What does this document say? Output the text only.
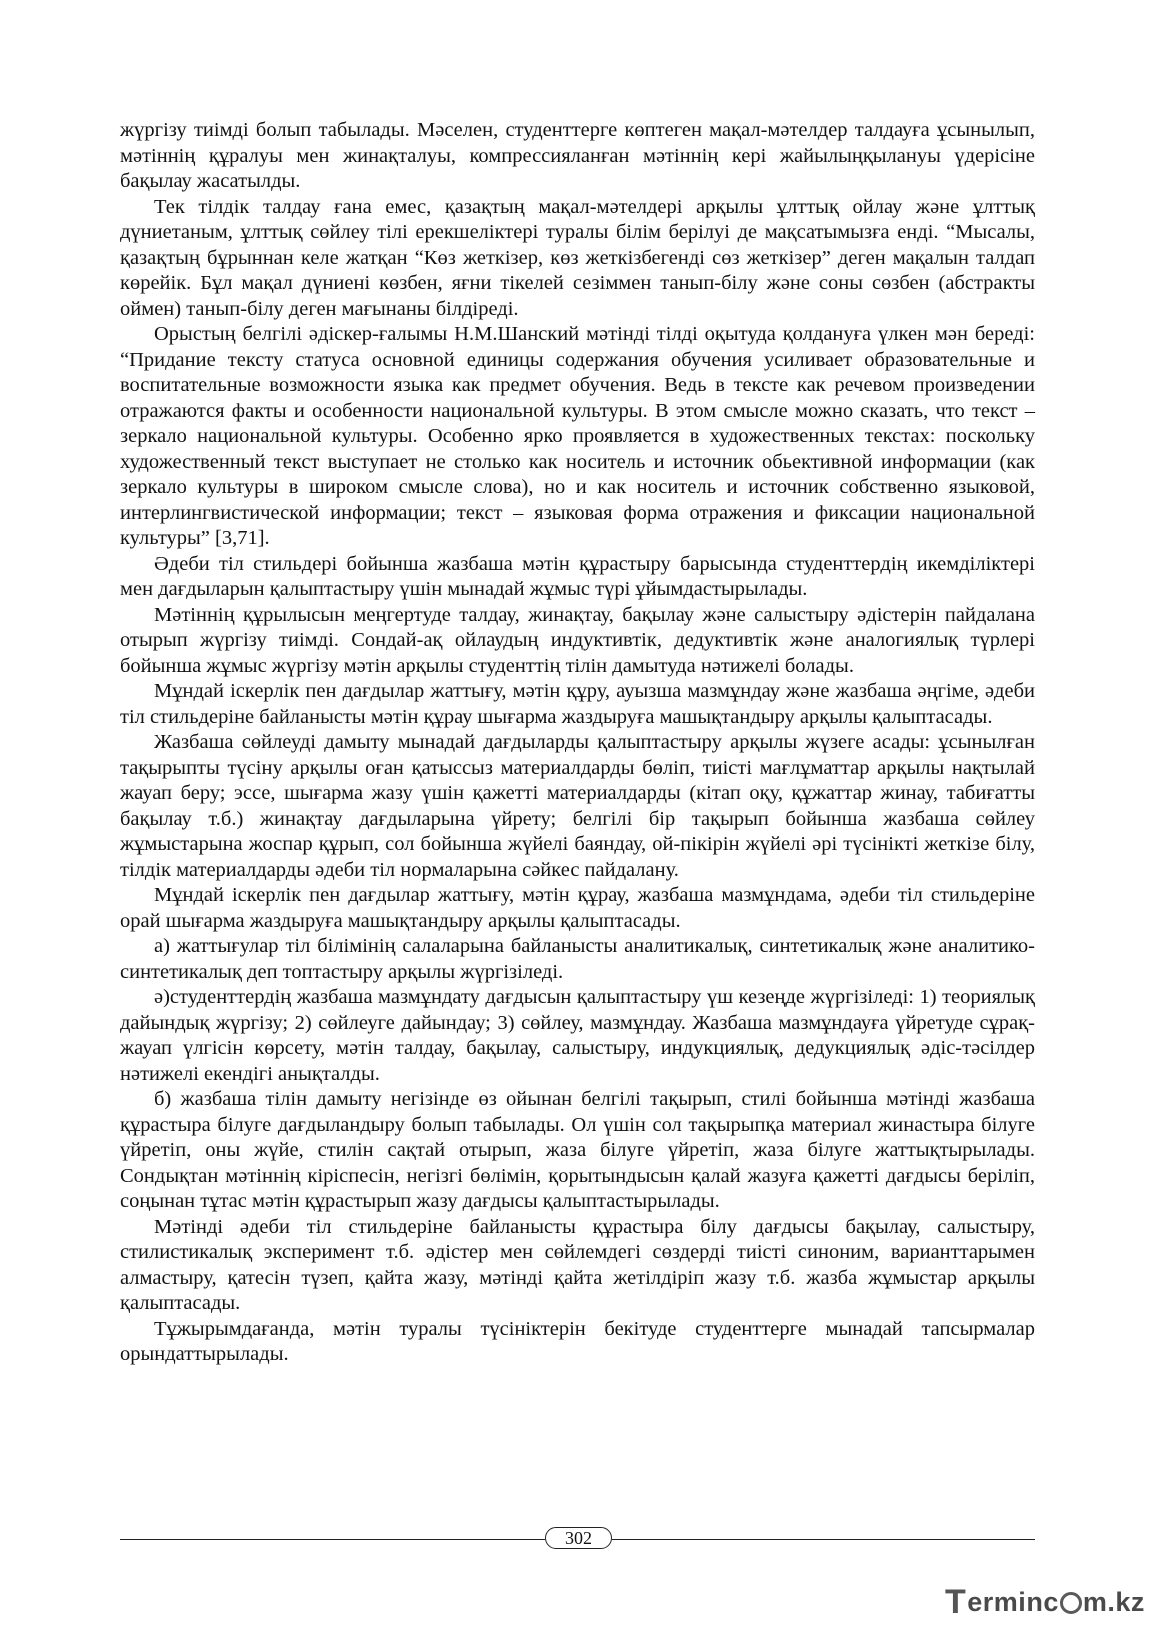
жүргізу тиімді болып табылады. Мәселен, студенттерге көптеген мақал-мәтелдер талдауға ұсынылып, мәтіннің құралуы мен жинақталуы, компрессияланған мәтіннің кері жайылыңқылануы үдерісіне бақылау жасатылды.

Тек тілдік талдау ғана емес, қазақтың мақал-мәтелдері арқылы ұлттық ойлау және ұлттық дүниетаным, ұлттық сөйлеу тілі ерекшеліктері туралы білім берілуі де мақсатымызға енді. “Мысалы, қазақтың бұрыннан келе жатқан “Көз жеткізер, көз жеткізбегенді сөз жеткізер” деген мақалын талдап көрейік. Бұл мақал дүниені көзбен, яғни тікелей сезіммен танып-білу және соны сөзбен (абстракты оймен) танып-білу деген мағынаны білдіреді.

Орыстың белгілі әдіскер-ғалымы Н.М.Шанский мәтінді тілді оқытуда қолдануға үлкен мән береді: “Придание тексту статуса основной единицы содержания обучения усиливает образовательные и воспитательные возможности языка как предмет обучения. Ведь в тексте как речевом произведении отражаются факты и особенности национальной культуры. В этом смысле можно сказать, что текст – зеркало национальной культуры. Особенно ярко проявляется в художественных текстах: поскольку художественный текст выступает не столько как носитель и источник обьективной информации (как зеркало культуры в широком смысле слова), но и как носитель и источник собственно языковой, интерлингвистической информации; текст – языковая форма отражения и фиксации национальной культуры” [3,71].

Әдеби тіл стильдері бойынша жазбаша мәтін құрастыру барысында студенттердің икемділіктері мен дағдыларын қалыптастыру үшін мынадай жұмыс түрі ұйымдастырылады.

Мәтіннің құрылысын меңгертуде талдау, жинақтау, бақылау және салыстыру әдістерін пайдалана отырып жүргізу тиімді. Сондай-ақ ойлаудың индуктивтік, дедуктивтік және аналогиялық түрлері бойынша жұмыс жүргізу мәтін арқылы студенттің тілін дамытуда нәтижелі болады.

Мұндай іскерлік пен дағдылар жаттығу, мәтін құру, ауызша мазмұндау және жазбаша әңгіме, әдеби тіл стильдеріне байланысты мәтін құрау шығарма жаздыруға машықтандыру арқылы қалыптасады.

Жазбаша сөйлеуді дамыту мынадай дағдыларды қалыптастыру арқылы жүзеге асады: ұсынылған тақырыпты түсіну арқылы оған қатыссыз материалдарды бөліп, тиісті мағлұматтар арқылы нақтылай жауап беру; эссе, шығарма жазу үшін қажетті материалдарды (кітап оқу, құжаттар жинау, табиғатты бақылау т.б.) жинақтау дағдыларына үйрету; белгілі бір тақырып бойынша жазбаша сөйлеу жұмыстарына жоспар құрып, сол бойынша жүйелі баяндау, ой-пікірін жүйелі әрі түсінікті жеткізе білу, тілдік материалдарды әдеби тіл нормаларына сәйкес пайдалану.

Мұндай іскерлік пен дағдылар жаттығу, мәтін құрау, жазбаша мазмұндама, әдеби тіл стильдеріне орай шығарма жаздыруға машықтандыру арқылы қалыптасады.

а) жаттығулар тіл білімінің салаларына байланысты аналитикалық, синтетикалық және аналитико-синтетикалық деп топтастыру арқылы жүргізіледі.

ә)студенттердің жазбаша мазмұндату дағдысын қалыптастыру үш кезеңде жүргізіледі: 1) теориялық дайындық жүргізу; 2) сөйлеуге дайындау; 3) сөйлеу, мазмұндау. Жазбаша мазмұндауға үйретуде сұрақ-жауап үлгісін көрсету, мәтін талдау, бақылау, салыстыру, индукциялық, дедукциялық әдіс-тәсілдер нәтижелі екендігі анықталды.

б) жазбаша тілін дамыту негізінде өз ойынан белгілі тақырып, стилі бойынша мәтінді жазбаша құрастыра білуге дағдыландыру болып табылады. Ол үшін сол тақырыпқа материал жинастыра білуге үйретіп, оны жүйе, стилін сақтай отырып, жаза білуге үйретіп, жаза білуге жаттықтырылады. Сондықтан мәтіннің кіріспесін, негізгі бөлімін, қорытындысын қалай жазуға қажетті дағдысы беріліп, соңынан тұтас мәтін құрастырып жазу дағдысы қалыптастырылады.

Мәтінді әдеби тіл стильдеріне байланысты құрастыра білу дағдысы бақылау, салыстыру, стилистикалық эксперимент т.б. әдістер мен сөйлемдегі сөздерді тиісті синоним, варианттарымен алмастыру, қатесін түзеп, қайта жазу, мәтінді қайта жетілдіріп жазу т.б. жазба жұмыстар арқылы қалыптасады.

Тұжырымдағанда, мәтін туралы түсініктерін бекітуде студенттерге мынадай тапсырмалар орындаттырылады.

302
T ermin c m.kz
